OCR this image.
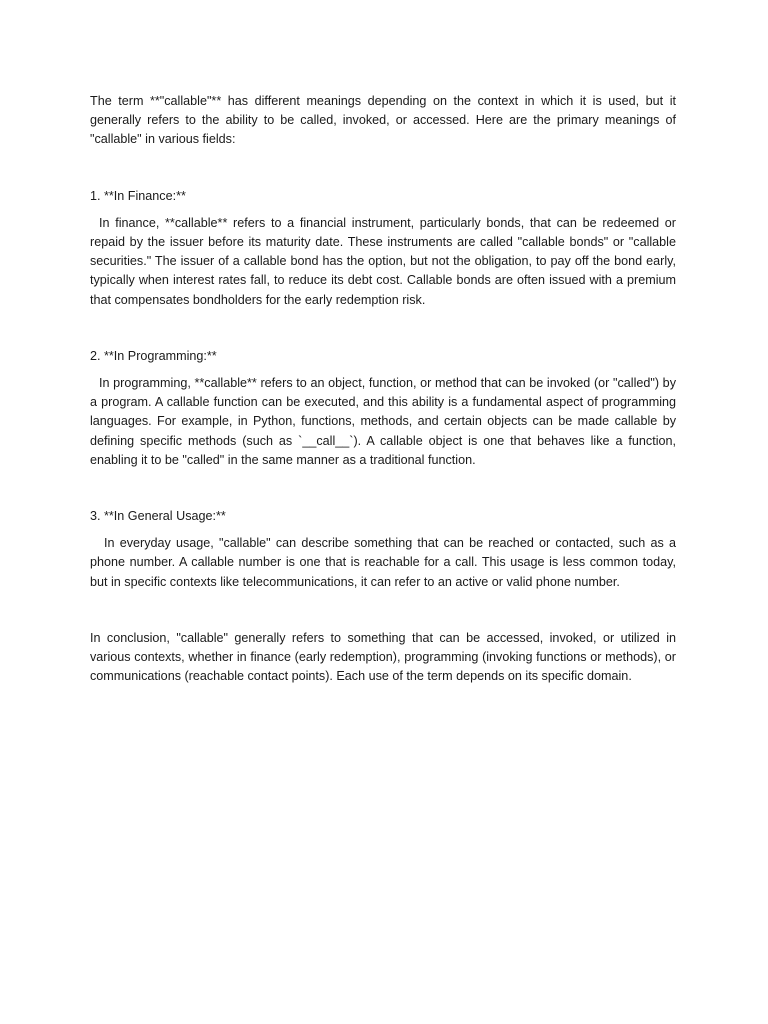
The term **"callable"** has different meanings depending on the context in which it is used, but it generally refers to the ability to be called, invoked, or accessed. Here are the primary meanings of "callable" in various fields:

1. **In Finance:**

In finance, **callable** refers to a financial instrument, particularly bonds, that can be redeemed or repaid by the issuer before its maturity date. These instruments are called "callable bonds" or "callable securities." The issuer of a callable bond has the option, but not the obligation, to pay off the bond early, typically when interest rates fall, to reduce its debt cost. Callable bonds are often issued with a premium that compensates bondholders for the early redemption risk.

2. **In Programming:**

In programming, **callable** refers to an object, function, or method that can be invoked (or "called") by a program. A callable function can be executed, and this ability is a fundamental aspect of programming languages. For example, in Python, functions, methods, and certain objects can be made callable by defining specific methods (such as `__call__`). A callable object is one that behaves like a function, enabling it to be "called" in the same manner as a traditional function.

3. **In General Usage:**

In everyday usage, "callable" can describe something that can be reached or contacted, such as a phone number. A callable number is one that is reachable for a call. This usage is less common today, but in specific contexts like telecommunications, it can refer to an active or valid phone number.

In conclusion, "callable" generally refers to something that can be accessed, invoked, or utilized in various contexts, whether in finance (early redemption), programming (invoking functions or methods), or communications (reachable contact points). Each use of the term depends on its specific domain.
